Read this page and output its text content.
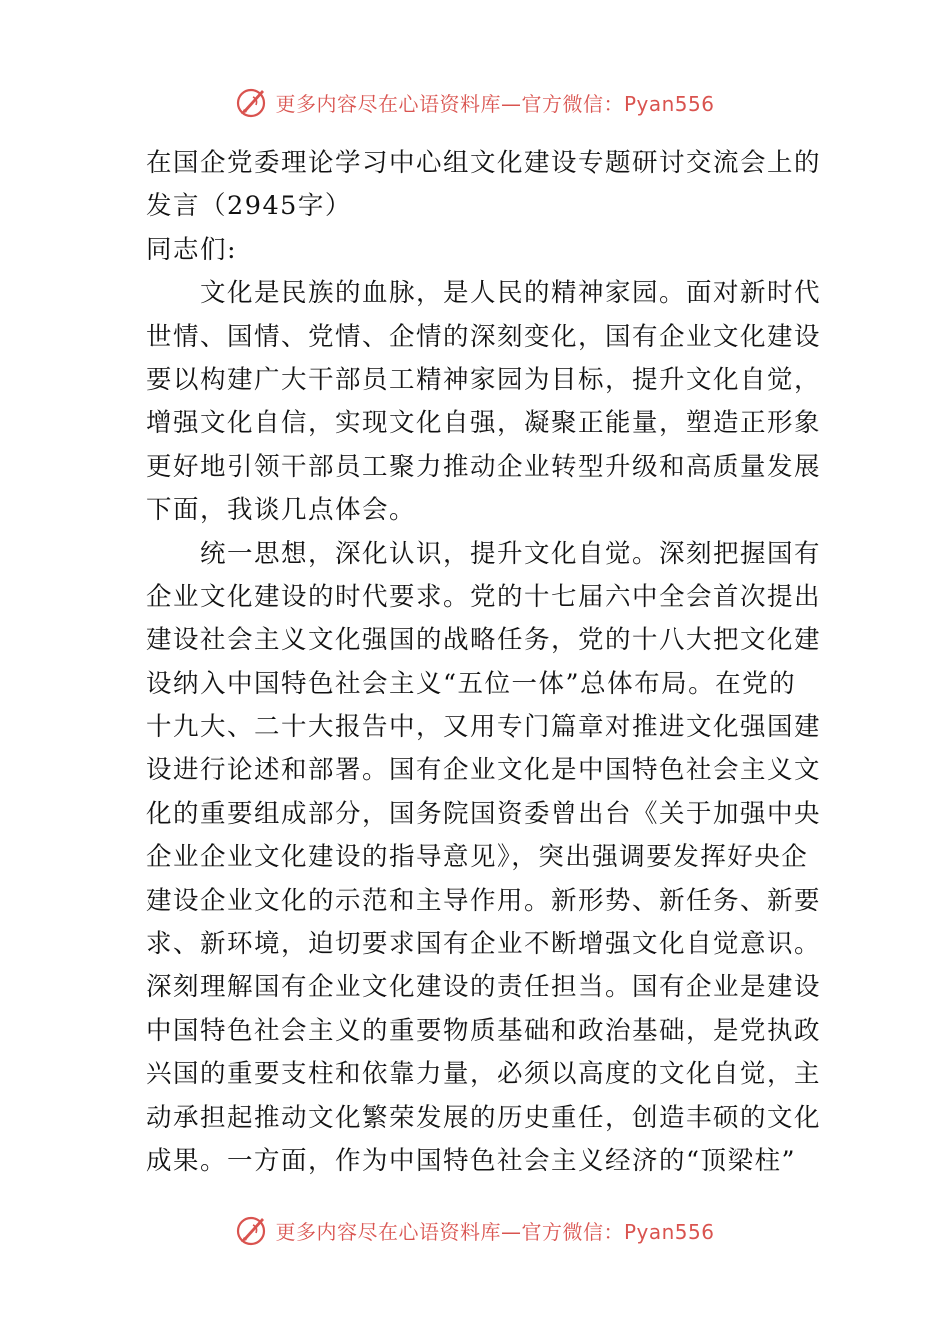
更多内容尽在心语资料库—官方微信：Pyan556
在国企党委理论学习中心组文化建设专题研讨交流会上的
发言（2945字）
同志们:
文化是民族的血脉，是人民的精神家园。面对新时代
世情、国情、党情、企情的深刻变化，国有企业文化建设
要以构建广大干部员工精神家园为目标，提升文化自觉，
增强文化自信，实现文化自强，凝聚正能量，塑造正形象
更好地引领干部员工聚力推动企业转型升级和高质量发展
下面，我谈几点体会。
统一思想，深化认识，提升文化自觉。深刻把握国有
企业文化建设的时代要求。党的十七届六中全会首次提出
建设社会主义文化强国的战略任务，党的十八大把文化建
设纳入中国特色社会主义“五位一体”总体布局。在党的
十九大、二十大报告中，又用专门篇章对推进文化强国建
设进行论述和部署。国有企业文化是中国特色社会主义文
化的重要组成部分，国务院国资委曾出台《关于加强中央
企业企业文化建设的指导意见》，突出强调要发挥好央企
建设企业文化的示范和主导作用。新形势、新任务、新要
求、新环境，迫切要求国有企业不断增强文化自觉意识。
深刻理解国有企业文化建设的责任担当。国有企业是建设
中国特色社会主义的重要物质基础和政治基础，是党执政
兴国的重要支柱和依靠力量，必须以高度的文化自觉，主
动承担起推动文化繁荣发展的历史重任，创造丰硕的文化
成果。一方面，作为中国特色社会主义经济的“顶梁柱”
更多内容尽在心语资料库—官方微信：Pyan556
